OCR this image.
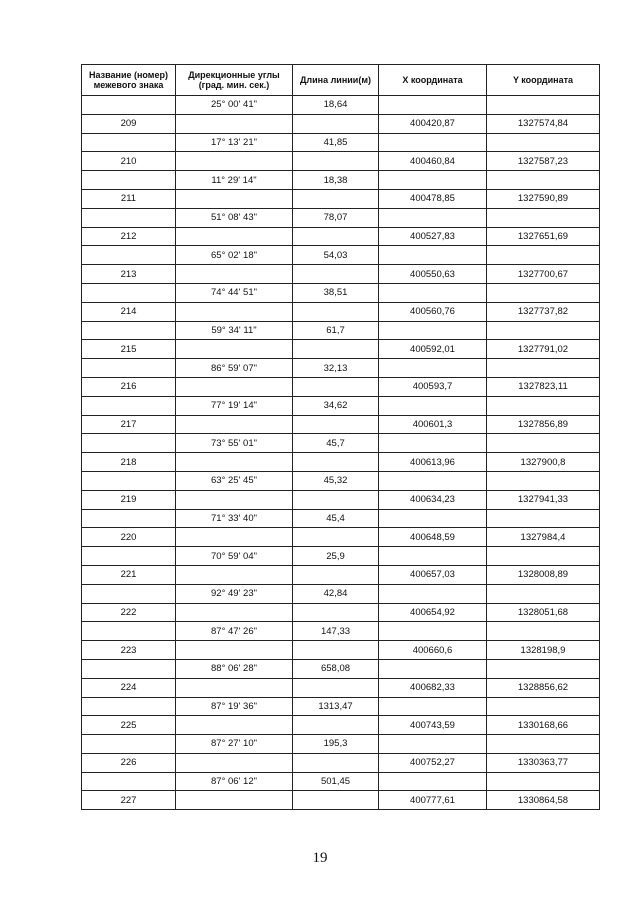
Название (номер) межевого знака	Дирекционные углы (град. мин. сек.)	Длина линии(м)	X координата	Y координата
	25° 00' 41"	18,64		
209			400420,87	1327574,84
	17° 13' 21"	41,85		
210			400460,84	1327587,23
	11° 29' 14"	18,38		
211			400478,85	1327590,89
	51° 08' 43"	78,07		
212			400527,83	1327651,69
	65° 02' 18"	54,03		
213			400550,63	1327700,67
	74° 44' 51"	38,51		
214			400560,76	1327737,82
	59° 34' 11"	61,7		
215			400592,01	1327791,02
	86° 59' 07"	32,13		
216			400593,7	1327823,11
	77° 19' 14"	34,62		
217			400601,3	1327856,89
	73° 55' 01"	45,7		
218			400613,96	1327900,8
	63° 25' 45"	45,32		
219			400634,23	1327941,33
	71° 33' 40"	45,4		
220			400648,59	1327984,4
	70° 59' 04"	25,9		
221			400657,03	1328008,89
	92° 49' 23"	42,84		
222			400654,92	1328051,68
	87° 47' 26"	147,33		
223			400660,6	1328198,9
	88° 06' 28"	658,08		
224			400682,33	1328856,62
	87° 19' 36"	1313,47		
225			400743,59	1330168,66
	87° 27' 10"	195,3		
226			400752,27	1330363,77
	87° 06' 12"	501,45		
227			400777,61	1330864,58
19
